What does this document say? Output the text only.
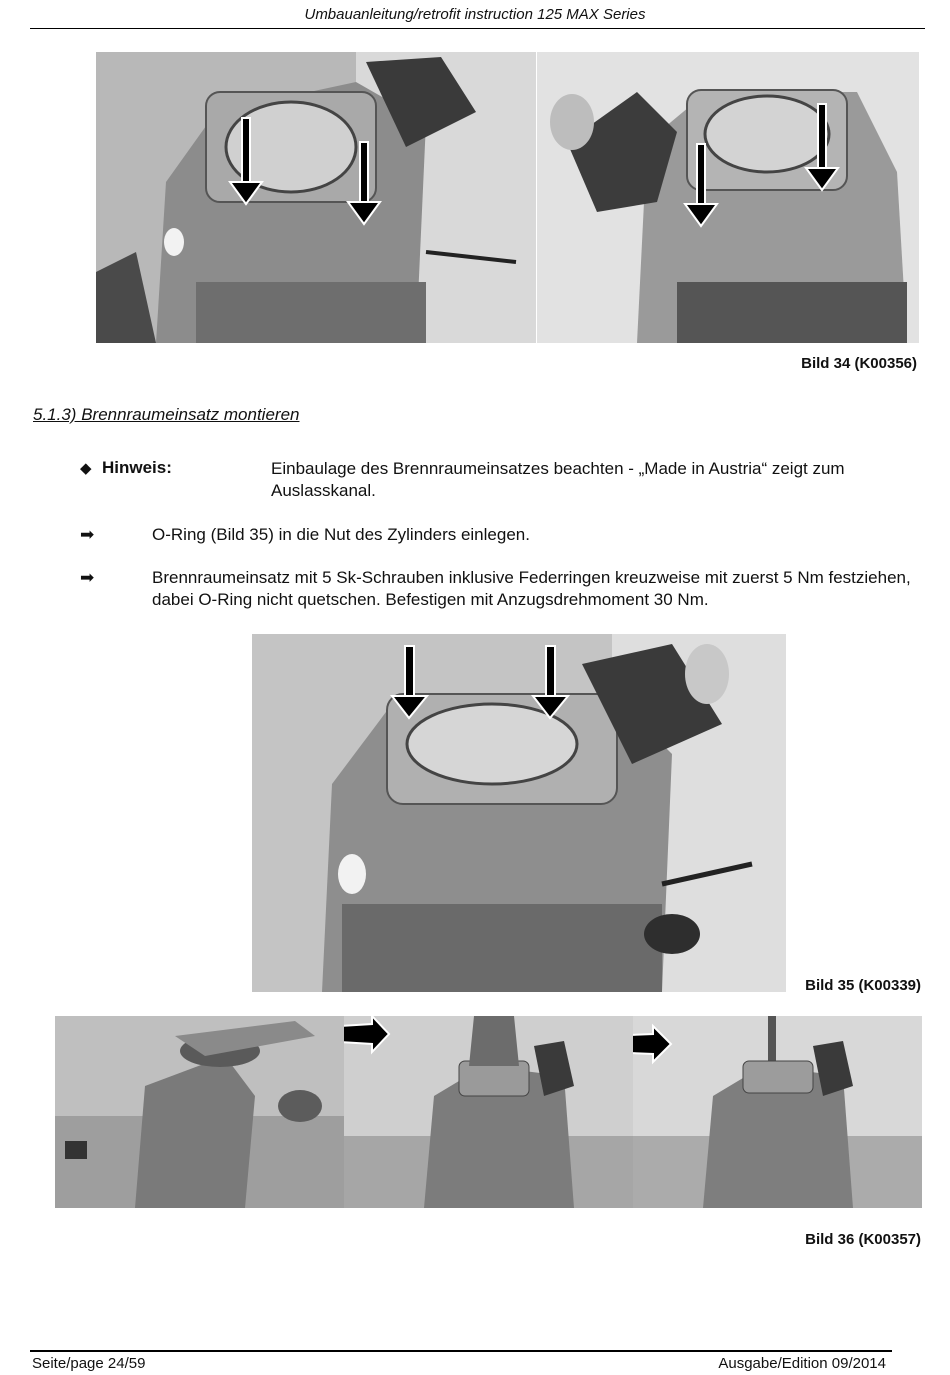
Umbauanleitung/retrofit instruction 125 MAX Series
Bild 34 (K00356)
5.1.3) Brennraumeinsatz montieren
◆ Hinweis:	Einbaulage des Brennraumeinsatzes beachten - „Made in Austria“ zeigt zum Auslasskanal.
➡	O-Ring (Bild 35) in die Nut des Zylinders einlegen.
➡	Brennraumeinsatz mit 5 Sk-Schrauben inklusive Federringen kreuzweise mit zuerst 5 Nm festziehen, dabei O-Ring nicht quetschen. Befestigen mit Anzugsdrehmoment 30 Nm.
Bild 35 (K00339)
Bild 36 (K00357)
Seite/page 24/59	Ausgabe/Edition 09/2014
